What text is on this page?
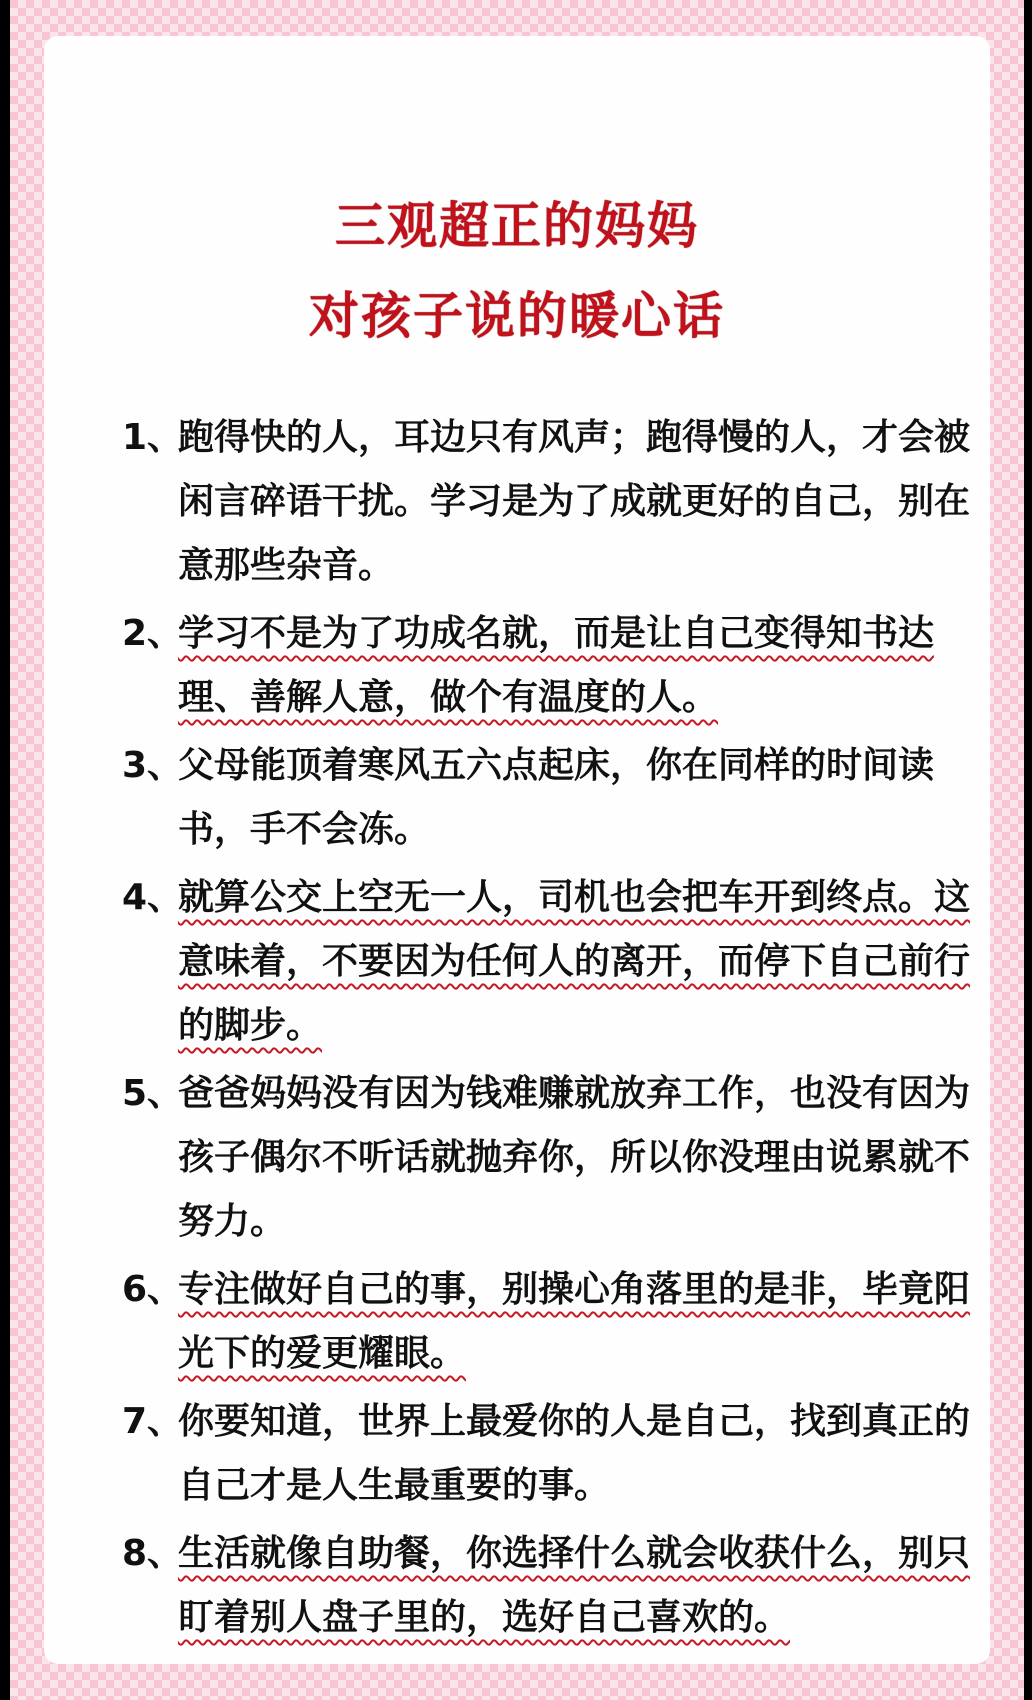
三观超正的妈妈
对孩子说的暖心话
1、
跑得快的人，耳边只有风声；跑得慢的人，才会被闲言碎语干扰。学习是为了成就更好的自己，别在意那些杂音。
2、
学习不是为了功成名就，而是让自己变得知书达理、善解人意，做个有温度的人。
3、
父母能顶着寒风五六点起床，你在同样的时间读书，手不会冻。
4、
就算公交上空无一人，司机也会把车开到终点。这意味着，不要因为任何人的离开，而停下自己前行的脚步。
5、
爸爸妈妈没有因为钱难赚就放弃工作，也没有因为孩子偶尔不听话就抛弃你，所以你没理由说累就不努力。
6、
专注做好自己的事，别操心角落里的是非，毕竟阳光下的爱更耀眼。
7、
你要知道，世界上最爱你的人是自己，找到真正的自己才是人生最重要的事。
8、
生活就像自助餐，你选择什么就会收获什么，别只盯着别人盘子里的，选好自己喜欢的。
